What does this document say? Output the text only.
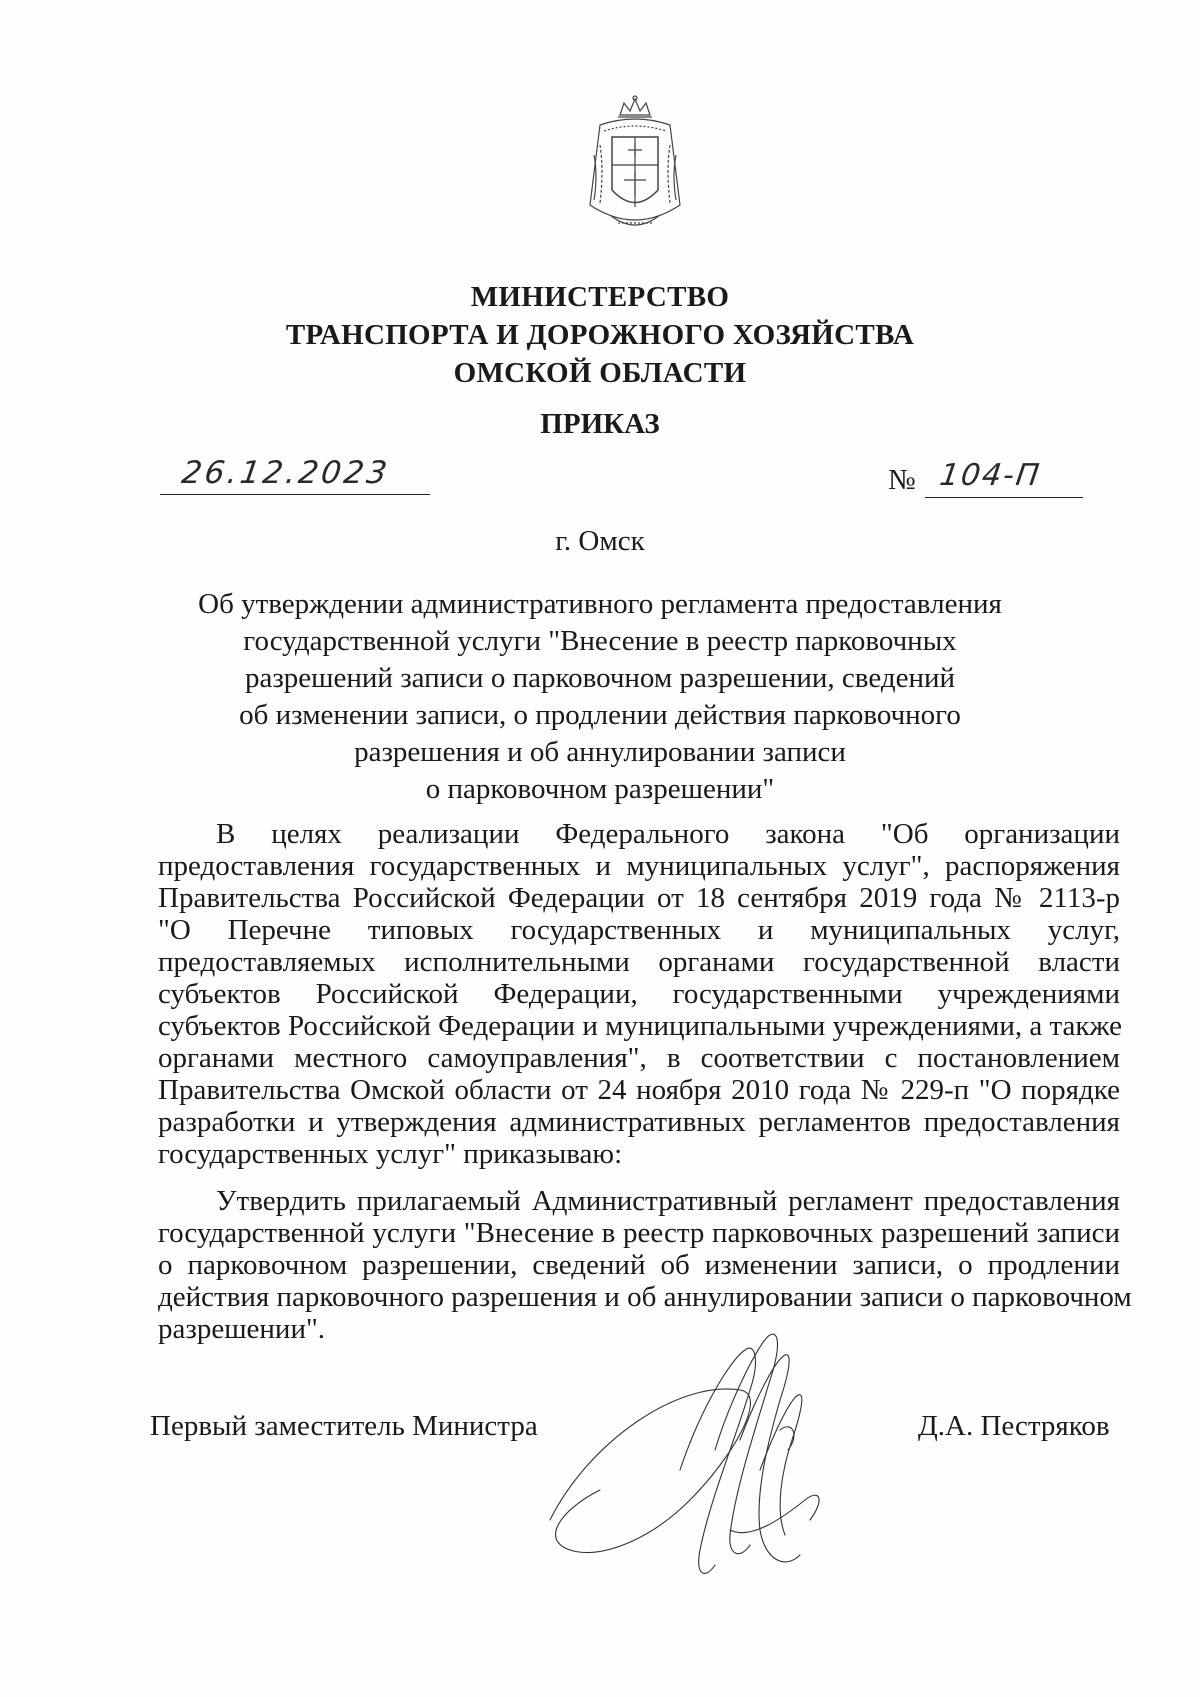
МИНИСТЕРСТВО
ТРАНСПОРТА И ДОРОЖНОГО ХОЗЯЙСТВА
ОМСКОЙ ОБЛАСТИ
ПРИКАЗ
26.12.2023	№ 104-П
г. Омск
Об утверждении административного регламента предоставления
государственной услуги "Внесение в реестр парковочных
разрешений записи о парковочном разрешении, сведений
об изменении записи, о продлении действия парковочного
разрешения и об аннулировании записи
о парковочном разрешении"
В целях реализации Федерального закона "Об организации
предоставления государственных и муниципальных услуг", распоряжения
Правительства Российской Федерации от 18 сентября 2019 года № 2113-р
"О Перечне типовых государственных и муниципальных услуг,
предоставляемых исполнительными органами государственной власти
субъектов Российской Федерации, государственными учреждениями
субъектов Российской Федерации и муниципальными учреждениями, а также
органами местного самоуправления", в соответствии с постановлением
Правительства Омской области от 24 ноября 2010 года № 229-п "О порядке
разработки и утверждения административных регламентов предоставления
государственных услуг" приказываю:
Утвердить прилагаемый Административный регламент предоставления
государственной услуги "Внесение в реестр парковочных разрешений записи
о парковочном разрешении, сведений об изменении записи, о продлении
действия парковочного разрешения и об аннулировании записи о парковочном
разрешении".
Первый заместитель Министра	Д.А. Пестряков
